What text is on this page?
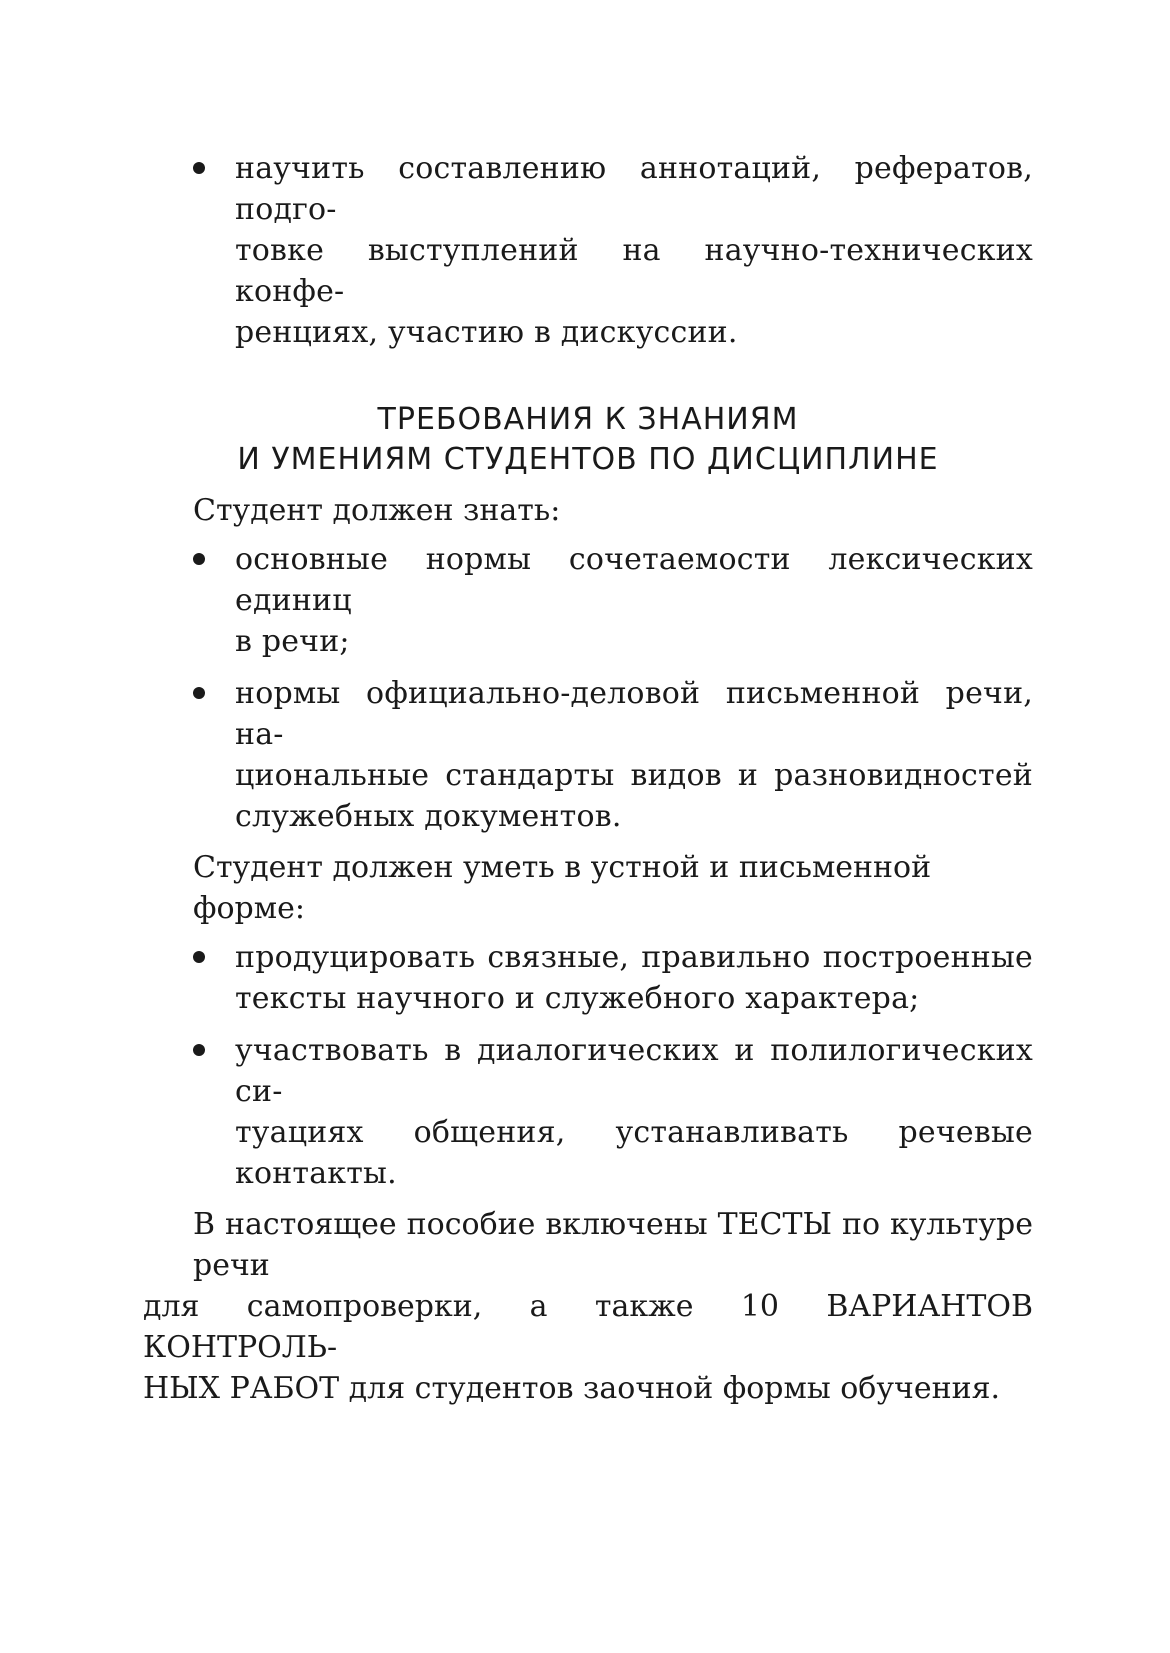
научить составлению аннотаций, рефератов, подго-
товке выступлений на научно-технических конфе-
ренциях, участию в дискуссии.
ТРЕБОВАНИЯ К ЗНАНИЯМ
И УМЕНИЯМ СТУДЕНТОВ ПО ДИСЦИПЛИНЕ

Студент должен знать:

основные нормы сочетаемости лексических единиц
в речи;
нормы официально-деловой письменной речи, на-
циональные стандарты видов и разновидностей
служебных документов.

Студент должен уметь в устной и письменной форме:

продуцировать связные, правильно построенные
тексты научного и служебного характера;
участвовать в диалогических и полилогических си-
туациях общения, устанавливать речевые контакты.

В настоящее пособие включены ТЕСТЫ по культуре речи
для самопроверки, а также 10 ВАРИАНТОВ КОНТРОЛЬ-
НЫХ РАБОТ для студентов заочной формы обучения.
